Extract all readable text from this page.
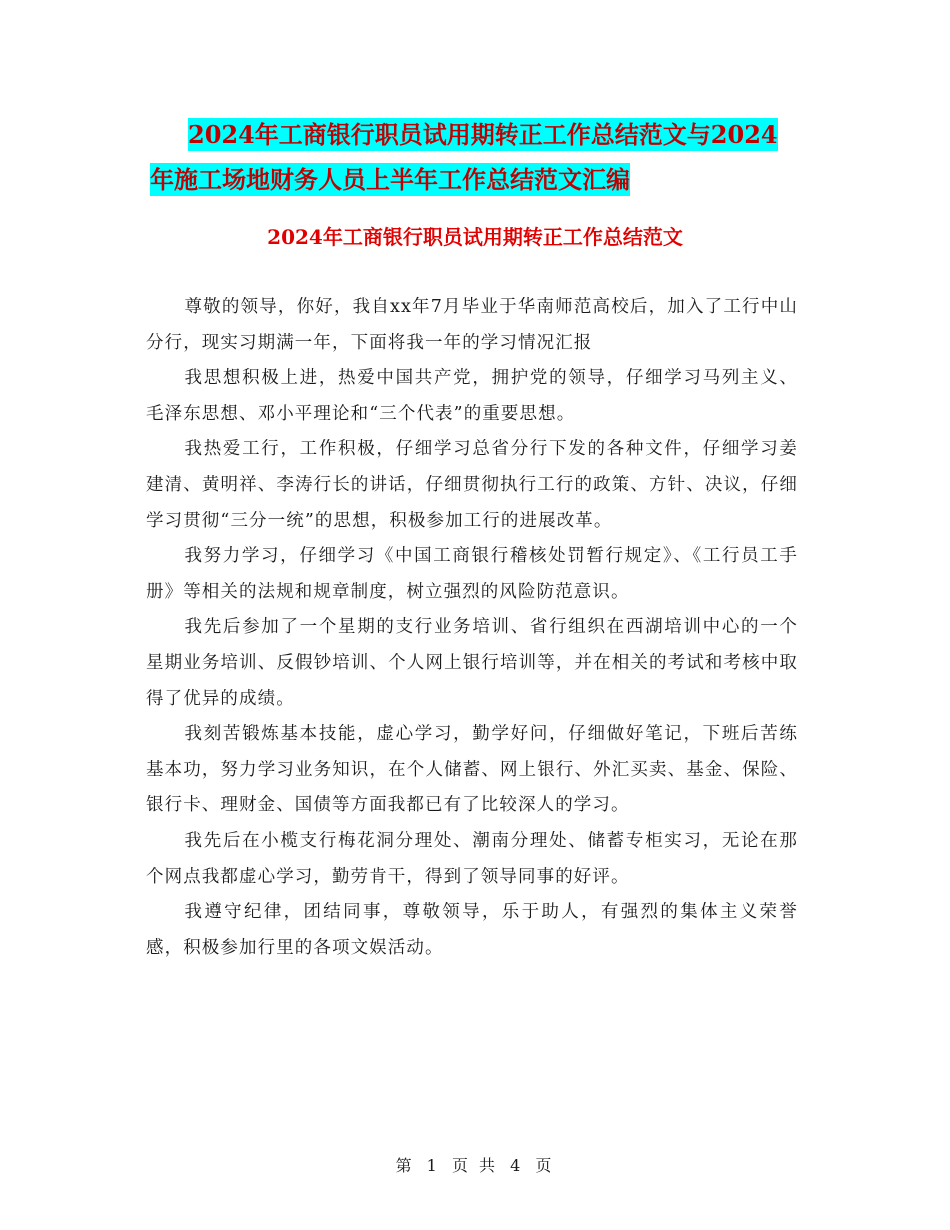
2024年工商银行职员试用期转正工作总结范文与2024
年施工场地财务人员上半年工作总结范文汇编
2024年工商银行职员试用期转正工作总结范文

尊敬的领导，你好，我自xx年7月毕业于华南师范高校后，加入了工行中山分行，现实习期满一年，下面将我一年的学习情况汇报

我思想积极上进，热爱中国共产党，拥护党的领导，仔细学习马列主义、毛泽东思想、邓小平理论和“三个代表”的重要思想。

我热爱工行，工作积极，仔细学习总省分行下发的各种文件，仔细学习姜建清、黄明祥、李涛行长的讲话，仔细贯彻执行工行的政策、方针、决议，仔细学习贯彻“三分一统”的思想，积极参加工行的进展改革。

我努力学习，仔细学习《中国工商银行稽核处罚暂行规定》、《工行员工手册》等相关的法规和规章制度，树立强烈的风险防范意识。

我先后参加了一个星期的支行业务培训、省行组织在西湖培训中心的一个星期业务培训、反假钞培训、个人网上银行培训等，并在相关的考试和考核中取得了优异的成绩。

我刻苦锻炼基本技能，虚心学习，勤学好问，仔细做好笔记，下班后苦练基本功，努力学习业务知识，在个人储蓄、网上银行、外汇买卖、基金、保险、银行卡、理财金、国债等方面我都已有了比较深人的学习。

我先后在小榄支行梅花洞分理处、潮南分理处、储蓄专柜实习，无论在那个网点我都虚心学习，勤劳肯干，得到了领导同事的好评。

我遵守纪律，团结同事，尊敬领导，乐于助人，有强烈的集体主义荣誉感，积极参加行里的各项文娱活动。

第 1 页 共 4 页
